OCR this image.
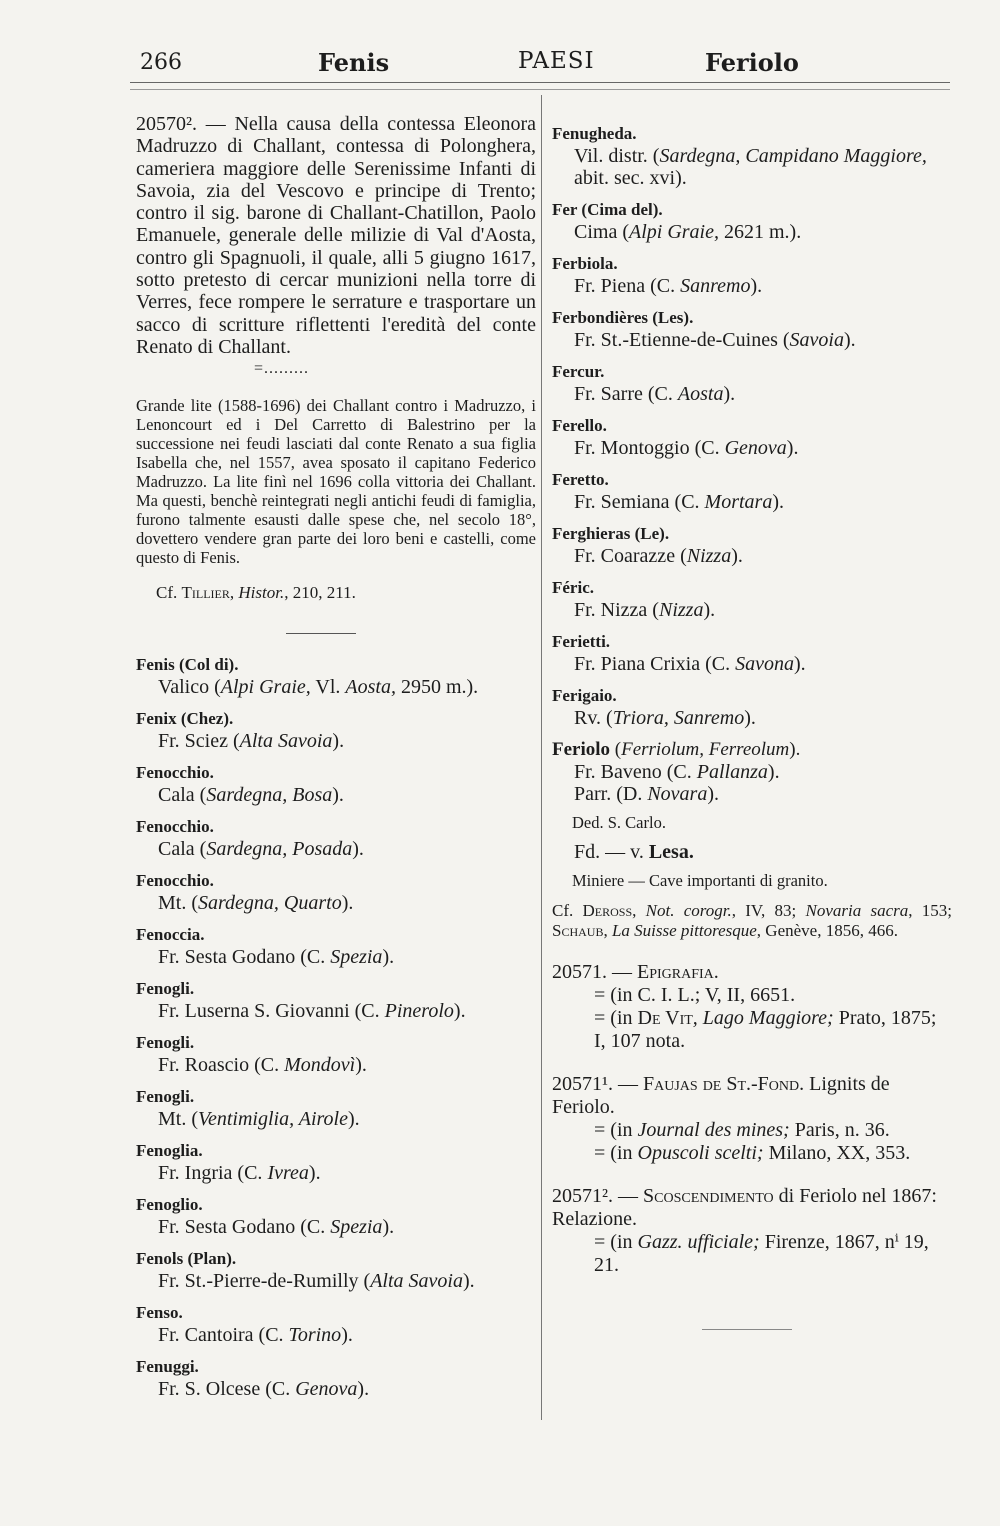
266	Fenis	PAESI	Feriolo

20570². — Nella causa della contessa Eleonora Madruzzo di Challant, contessa di Polonghera, cameriera maggiore delle Serenissime Infanti di Savoia, zia del Vescovo e principe di Trento; contro il sig. barone di Challant-Chatillon, Paolo Emanuele, generale delle milizie di Val d'Aosta, contro gli Spagnuoli, il quale, alli 5 giugno 1617, sotto pretesto di cercar munizioni nella torre di Verres, fece rompere le serrature e trasportare un sacco di scritture riflettenti l'eredità del conte Renato di Challant.

=.........

Grande lite (1588-1696) dei Challant contro i Madruzzo, i Lenoncourt ed i Del Carretto di Balestrino per la successione nei feudi lasciati dal conte Renato a sua figlia Isabella che, nel 1557, avea sposato il capitano Federico Madruzzo. La lite finì nel 1696 colla vittoria dei Challant. Ma questi, benchè reintegrati negli antichi feudi di famiglia, furono talmente esausti dalle spese che, nel secolo 18°, dovettero vendere gran parte dei loro beni e castelli, come questo di Fenis.

Cf. Tillier, Histor., 210, 211.

Fenis (Col di).

Valico (Alpi Graie, Vl. Aosta, 2950 m.).

Fenix (Chez).

Fr. Sciez (Alta Savoia).

Fenocchio.

Cala (Sardegna, Bosa).

Fenocchio.

Cala (Sardegna, Posada).

Fenocchio.

Mt. (Sardegna, Quarto).

Fenoccia.

Fr. Sesta Godano (C. Spezia).

Fenogli.

Fr. Luserna S. Giovanni (C. Pinerolo).

Fenogli.

Fr. Roascio (C. Mondovì).

Fenogli.

Mt. (Ventimiglia, Airole).

Fenoglia.

Fr. Ingria (C. Ivrea).

Fenoglio.

Fr. Sesta Godano (C. Spezia).

Fenols (Plan).

Fr. St.-Pierre-de-Rumilly (Alta Savoia).

Fenso.

Fr. Cantoira (C. Torino).

Fenuggi.

Fr. S. Olcese (C. Genova).

Fenugheda.

Vil. distr. (Sardegna, Campidano Maggiore, abit. sec. xvi).

Fer (Cima del).

Cima (Alpi Graie, 2621 m.).

Ferbiola.

Fr. Piena (C. Sanremo).

Ferbondières (Les).

Fr. St.-Etienne-de-Cuines (Savoia).

Fercur.

Fr. Sarre (C. Aosta).

Ferello.

Fr. Montoggio (C. Genova).

Feretto.

Fr. Semiana (C. Mortara).

Ferghieras (Le).

Fr. Coarazze (Nizza).

Féric.

Fr. Nizza (Nizza).

Ferietti.

Fr. Piana Crixia (C. Savona).

Ferigaio.

Rv. (Triora, Sanremo).

Feriolo (Ferriolum, Ferreolum).

Fr. Baveno (C. Pallanza).

Parr. (D. Novara).

Ded. S. Carlo.

Fd. — v. Lesa.

Miniere — Cave importanti di granito.

Cf. Deross, Not. corogr., IV, 83; Novaria sacra, 153; Schaub, La Suisse pittoresque, Genève, 1856, 466.

20571. — Epigrafia.

= (in C. I. L.; V, II, 6651.

= (in De Vit, Lago Maggiore; Prato, 1875; I, 107 nota.

20571¹. — Faujas de St.-Fond. Lignits de Feriolo.

= (in Journal des mines; Paris, n. 36.

= (in Opuscoli scelti; Milano, XX, 353.

20571². — Scoscendimento di Feriolo nel 1867: Relazione.

= (in Gazz. ufficiale; Firenze, 1867, nⁱ 19, 21.
